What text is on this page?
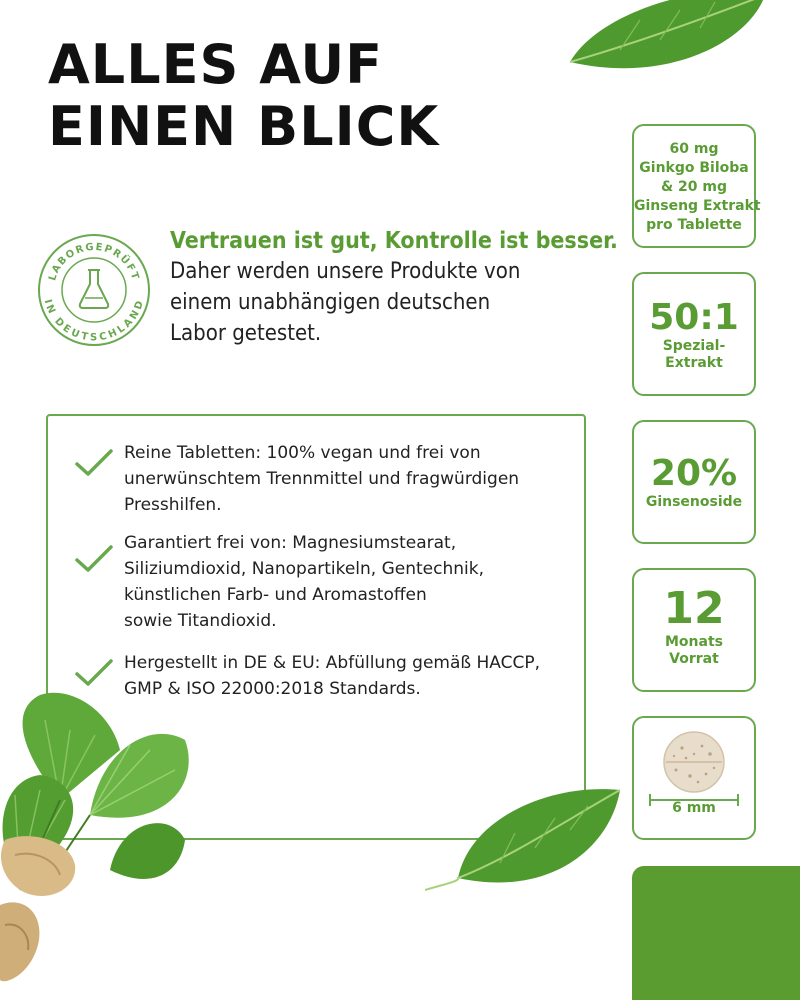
ALLES AUF
EINEN BLICK
LABORGEPRÜFT
IN DEUTSCHLAND
Vertrauen ist gut, Kontrolle ist besser.
Daher werden unsere Produkte von
einem unabhängigen deutschen
Labor getestet.
Reine Tabletten: 100% vegan und frei von
unerwünschtem Trennmittel und fragwürdigen
Presshilfen.
Garantiert frei von: Magnesiumstearat,
Siliziumdioxid, Nanopartikeln, Gentechnik,
künstlichen Farb- und Aromastoffen
sowie Titandioxid.
Hergestellt in DE & EU: Abfüllung gemäß HACCP,
GMP & ISO 22000:2018 Standards.
60 mg
Ginkgo Biloba
& 20 mg
Ginseng Extrakt
pro Tablette
50:1
Spezial-
Extrakt
20%
Ginsenoside
12
Monats
Vorrat
6 mm
